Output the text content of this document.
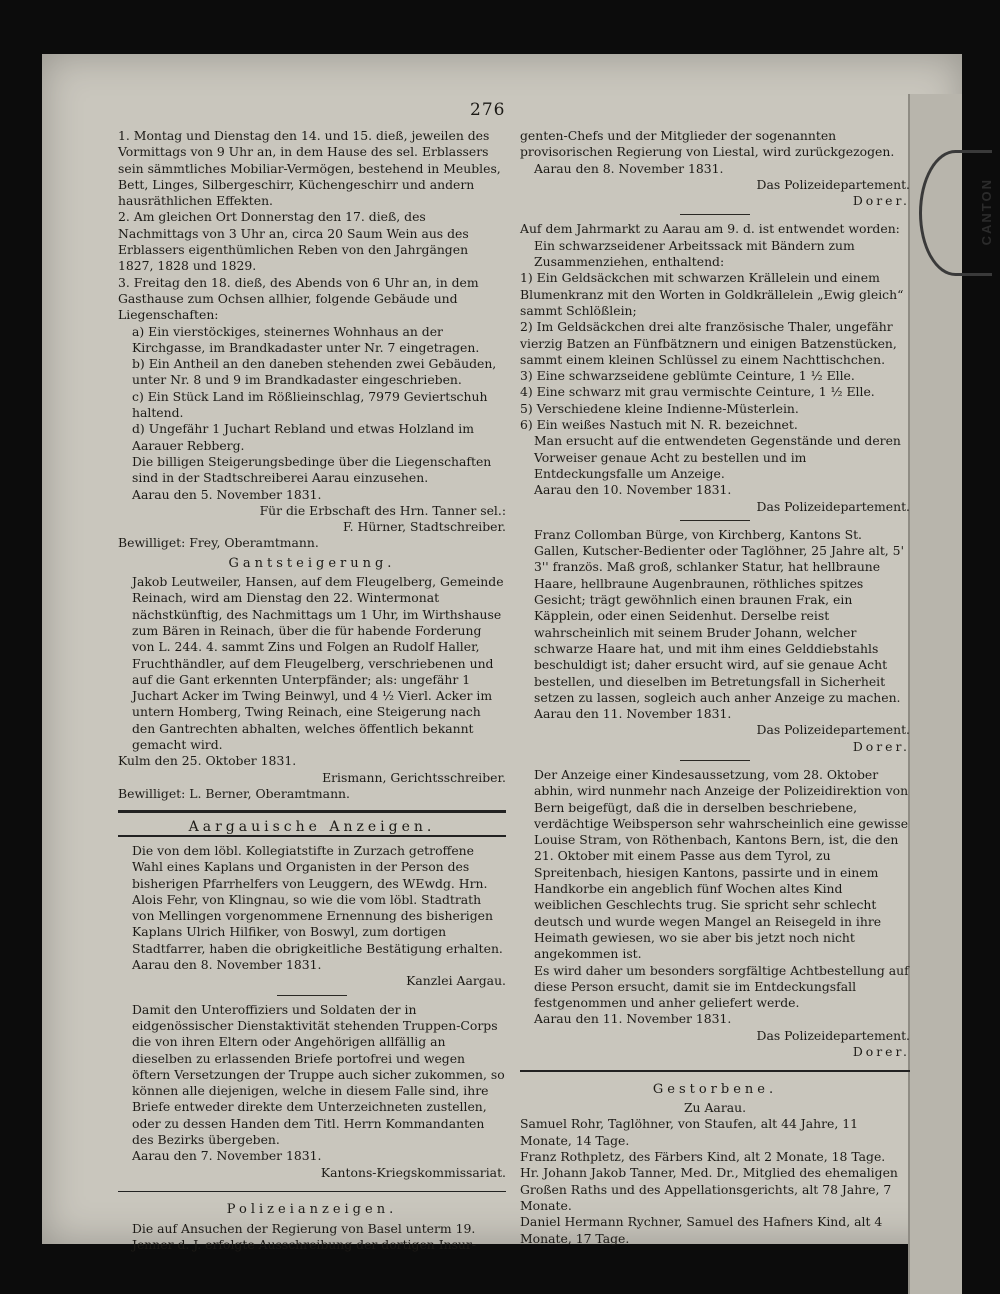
CANTON
276

1. Montag und Dienstag den 14. und 15. dieß, jeweilen des Vormittags von 9 Uhr an, in dem Hause des sel. Erblassers sein sämmtliches Mobiliar-Vermögen, bestehend in Meubles, Bett, Linges, Silbergeschirr, Küchengeschirr und andern hausräthlichen Effekten.

2. Am gleichen Ort Donnerstag den 17. dieß, des Nachmittags von 3 Uhr an, circa 20 Saum Wein aus des Erblassers eigenthümlichen Reben von den Jahrgängen 1827, 1828 und 1829.

3. Freitag den 18. dieß, des Abends von 6 Uhr an, in dem Gasthause zum Ochsen allhier, folgende Gebäude und Liegenschaften:

a) Ein vierstöckiges, steinernes Wohnhaus an der Kirchgasse, im Brandkadaster unter Nr. 7 eingetragen.

b) Ein Antheil an den daneben stehenden zwei Gebäuden, unter Nr. 8 und 9 im Brandkadaster eingeschrieben.

c) Ein Stück Land im Rößlieinschlag, 7979 Geviertschuh haltend.

d) Ungefähr 1 Juchart Rebland und etwas Holzland im Aarauer Rebberg.

Die billigen Steigerungsbedinge über die Liegenschaften sind in der Stadtschreiberei Aarau einzusehen.

Aarau den 5. November 1831.

Für die Erbschaft des Hrn. Tanner sel.:

F. Hürner, Stadtschreiber.

Bewilliget: Frey, Oberamtmann.

Gantsteigerung.

Jakob Leutweiler, Hansen, auf dem Fleugelberg, Gemeinde Reinach, wird am Dienstag den 22. Wintermonat nächstkünftig, des Nachmittags um 1 Uhr, im Wirthshause zum Bären in Reinach, über die für habende Forderung von L. 244. 4. sammt Zins und Folgen an Rudolf Haller, Fruchthändler, auf dem Fleugelberg, verschriebenen und auf die Gant erkennten Unterpfänder; als: ungefähr 1 Juchart Acker im Twing Beinwyl, und 4 ½ Vierl. Acker im untern Homberg, Twing Reinach, eine Steigerung nach den Gantrechten abhalten, welches öffentlich bekannt gemacht wird.

Kulm den 25. Oktober 1831.

Erismann, Gerichtsschreiber.

Bewilliget: L. Berner, Oberamtmann.

Aargauische Anzeigen.

Die von dem löbl. Kollegiatstifte in Zurzach getroffene Wahl eines Kaplans und Organisten in der Person des bisherigen Pfarrhelfers von Leuggern, des WEwdg. Hrn. Alois Fehr, von Klingnau, so wie die vom löbl. Stadtrath von Mellingen vorgenommene Ernennung des bisherigen Kaplans Ulrich Hilfiker, von Boswyl, zum dortigen Stadtfarrer, haben die obrigkeitliche Bestätigung erhalten.

Aarau den 8. November 1831.

Kanzlei Aargau.

Damit den Unteroffiziers und Soldaten der in eidgenössischer Dienstaktivität stehenden Truppen-Corps die von ihren Eltern oder Angehörigen allfällig an dieselben zu erlassenden Briefe portofrei und wegen öftern Versetzungen der Truppe auch sicher zukommen, so können alle diejenigen, welche in diesem Falle sind, ihre Briefe entweder direkte dem Unterzeichneten zustellen, oder zu dessen Handen dem Titl. Herrn Kommandanten des Bezirks übergeben.

Aarau den 7. November 1831.

Kantons-Kriegskommissariat.

Polizeianzeigen.

Die auf Ansuchen der Regierung von Basel unterm 19. Jenner d. J. erfolgte Ausschreibung der dortigen Insur-

genten-Chefs und der Mitglieder der sogenannten provisorischen Regierung von Liestal, wird zurückgezogen.

Aarau den 8. November 1831.

Das Polizeidepartement.

Dorer.

Auf dem Jahrmarkt zu Aarau am 9. d. ist entwendet worden:

Ein schwarzseidener Arbeitssack mit Bändern zum Zusammenziehen, enthaltend:

1) Ein Geldsäckchen mit schwarzen Krällelein und einem Blumenkranz mit den Worten in Goldkrällelein „Ewig gleich“ sammt Schlößlein;

2) Im Geldsäckchen drei alte französische Thaler, ungefähr vierzig Batzen an Fünfbätznern und einigen Batzenstücken, sammt einem kleinen Schlüssel zu einem Nachttischchen.

3) Eine schwarzseidene geblümte Ceinture, 1 ½ Elle.

4) Eine schwarz mit grau vermischte Ceinture, 1 ½ Elle.

5) Verschiedene kleine Indienne-Müsterlein.

6) Ein weißes Nastuch mit N. R. bezeichnet.

Man ersucht auf die entwendeten Gegenstände und deren Vorweiser genaue Acht zu bestellen und im Entdeckungsfalle um Anzeige.

Aarau den 10. November 1831.

Das Polizeidepartement.

Franz Collomban Bürge, von Kirchberg, Kantons St. Gallen, Kutscher-Bedienter oder Taglöhner, 25 Jahre alt, 5' 3'' französ. Maß groß, schlanker Statur, hat hellbraune Haare, hellbraune Augenbraunen, röthliches spitzes Gesicht; trägt gewöhnlich einen braunen Frak, ein Käpplein, oder einen Seidenhut. Derselbe reist wahrscheinlich mit seinem Bruder Johann, welcher schwarze Haare hat, und mit ihm eines Gelddiebstahls beschuldigt ist; daher ersucht wird, auf sie genaue Acht bestellen, und dieselben im Betretungsfall in Sicherheit setzen zu lassen, sogleich auch anher Anzeige zu machen.

Aarau den 11. November 1831.

Das Polizeidepartement.

Dorer.

Der Anzeige einer Kindesaussetzung, vom 28. Oktober abhin, wird nunmehr nach Anzeige der Polizeidirektion von Bern beigefügt, daß die in derselben beschriebene, verdächtige Weibsperson sehr wahrscheinlich eine gewisse Louise Stram, von Röthenbach, Kantons Bern, ist, die den 21. Oktober mit einem Passe aus dem Tyrol, zu Spreitenbach, hiesigen Kantons, passirte und in einem Handkorbe ein angeblich fünf Wochen altes Kind weiblichen Geschlechts trug. Sie spricht sehr schlecht deutsch und wurde wegen Mangel an Reisegeld in ihre Heimath gewiesen, wo sie aber bis jetzt noch nicht angekommen ist.

Es wird daher um besonders sorgfältige Achtbestellung auf diese Person ersucht, damit sie im Entdeckungsfall festgenommen und anher geliefert werde.

Aarau den 11. November 1831.

Das Polizeidepartement.

Dorer.

Gestorbene.

Zu Aarau.

Samuel Rohr, Taglöhner, von Staufen, alt 44 Jahre, 11 Monate, 14 Tage.

Franz Rothpletz, des Färbers Kind, alt 2 Monate, 18 Tage.

Hr. Johann Jakob Tanner, Med. Dr., Mitglied des ehemaligen Großen Raths und des Appellationsgerichts, alt 78 Jahre, 7 Monate.

Daniel Hermann Rychner, Samuel des Hafners Kind, alt 4 Monate, 17 Tage.
